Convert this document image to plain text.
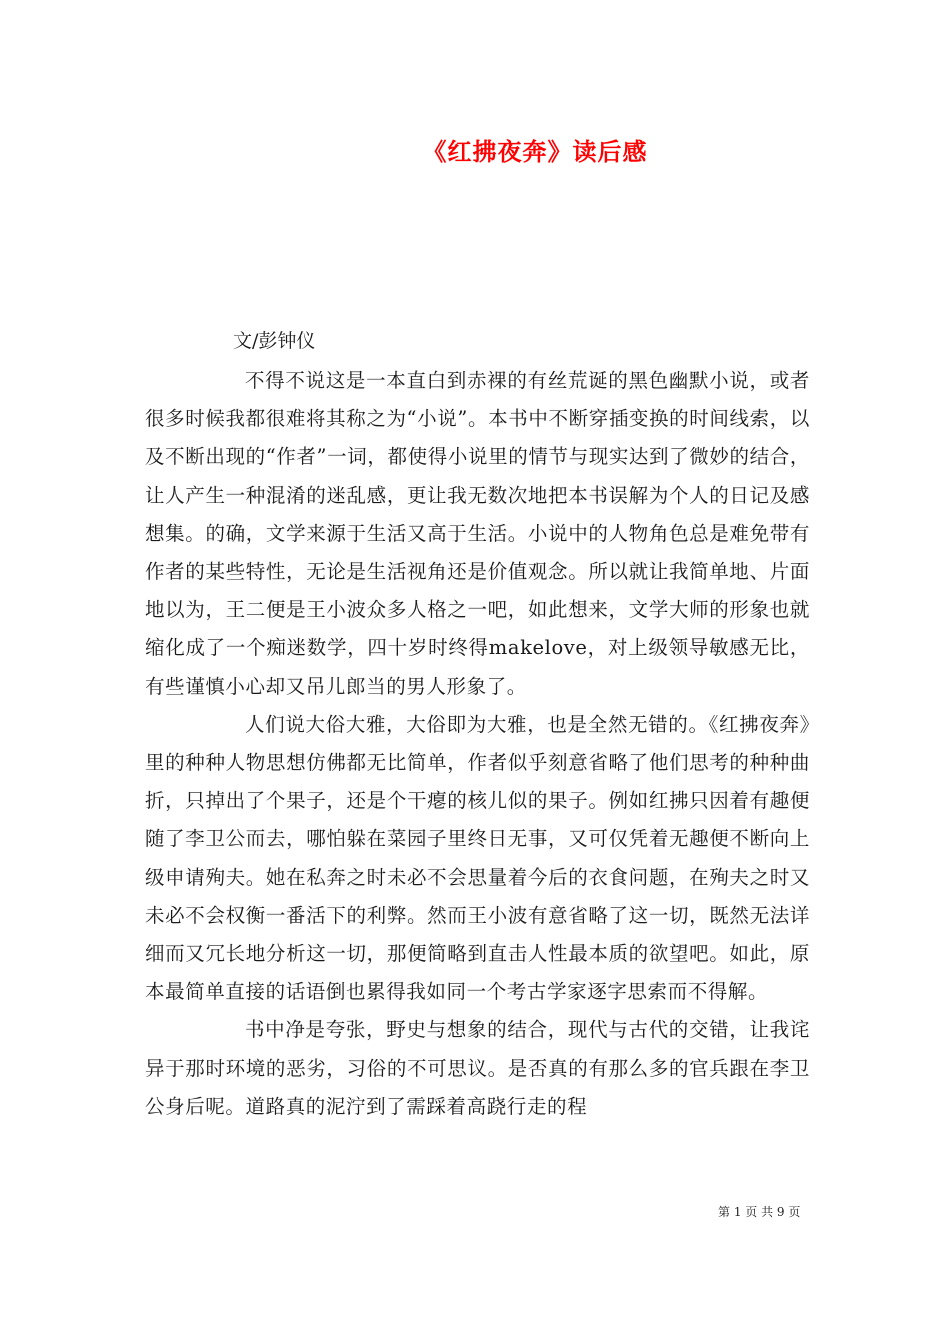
《红拂夜奔》读后感
文/彭钟仪

不得不说这是一本直白到赤裸的有丝荒诞的黑色幽默小说，或者很多时候我都很难将其称之为“小说”。本书中不断穿插变换的时间线索，以及不断出现的“作者”一词，都使得小说里的情节与现实达到了微妙的结合，让人产生一种混淆的迷乱感，更让我无数次地把本书误解为个人的日记及感想集。的确，文学来源于生活又高于生活。小说中的人物角色总是难免带有作者的某些特性，无论是生活视角还是价值观念。所以就让我简单地、片面地以为，王二便是王小波众多人格之一吧，如此想来，文学大师的形象也就缩化成了一个痴迷数学，四十岁时终得makelove，对上级领导敏感无比，有些谨慎小心却又吊儿郎当的男人形象了。

人们说大俗大雅，大俗即为大雅，也是全然无错的。《红拂夜奔》里的种种人物思想仿佛都无比简单，作者似乎刻意省略了他们思考的种种曲折，只掉出了个果子，还是个干瘪的核儿似的果子。例如红拂只因着有趣便随了李卫公而去，哪怕躲在菜园子里终日无事，又可仅凭着无趣便不断向上级申请殉夫。她在私奔之时未必不会思量着今后的衣食问题，在殉夫之时又未必不会权衡一番活下的利弊。然而王小波有意省略了这一切，既然无法详细而又冗长地分析这一切，那便简略到直击人性最本质的欲望吧。如此，原本最简单直接的话语倒也累得我如同一个考古学家逐字思索而不得解。

书中净是夸张，野史与想象的结合，现代与古代的交错，让我诧异于那时环境的恶劣，习俗的不可思议。是否真的有那么多的官兵跟在李卫公身后呢。道路真的泥泞到了需踩着高跷行走的程

第 1 页 共 9 页
